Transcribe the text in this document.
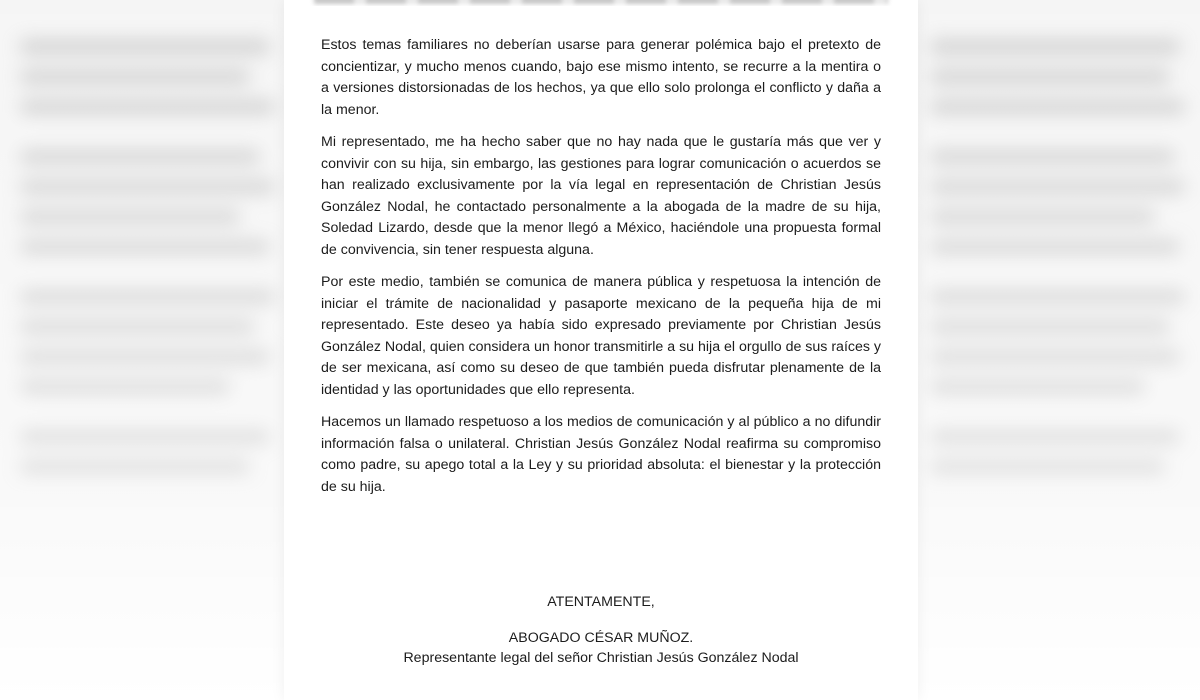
Estos temas familiares no deberían usarse para generar polémica bajo el pretexto de concientizar, y mucho menos cuando, bajo ese mismo intento, se recurre a la mentira o a versiones distorsionadas de los hechos, ya que ello solo prolonga el conflicto y daña a la menor.

Mi representado, me ha hecho saber que no hay nada que le gustaría más que ver y convivir con su hija, sin embargo, las gestiones para lograr comunicación o acuerdos se han realizado exclusivamente por la vía legal en representación de Christian Jesús González Nodal, he contactado personalmente a la abogada de la madre de su hija, Soledad Lizardo, desde que la menor llegó a México, haciéndole una propuesta formal de convivencia, sin tener respuesta alguna.

Por este medio, también se comunica de manera pública y respetuosa la intención de iniciar el trámite de nacionalidad y pasaporte mexicano de la pequeña hija de mi representado. Este deseo ya había sido expresado previamente por Christian Jesús González Nodal, quien considera un honor transmitirle a su hija el orgullo de sus raíces y de ser mexicana, así como su deseo de que también pueda disfrutar plenamente de la identidad y las oportunidades que ello representa.

Hacemos un llamado respetuoso a los medios de comunicación y al público a no difundir información falsa o unilateral. Christian Jesús González Nodal reafirma su compromiso como padre, su apego total a la Ley y su prioridad absoluta: el bienestar y la protección de su hija.

ATENTAMENTE,
ABOGADO CÉSAR MUÑOZ.
Representante legal del señor Christian Jesús González Nodal
